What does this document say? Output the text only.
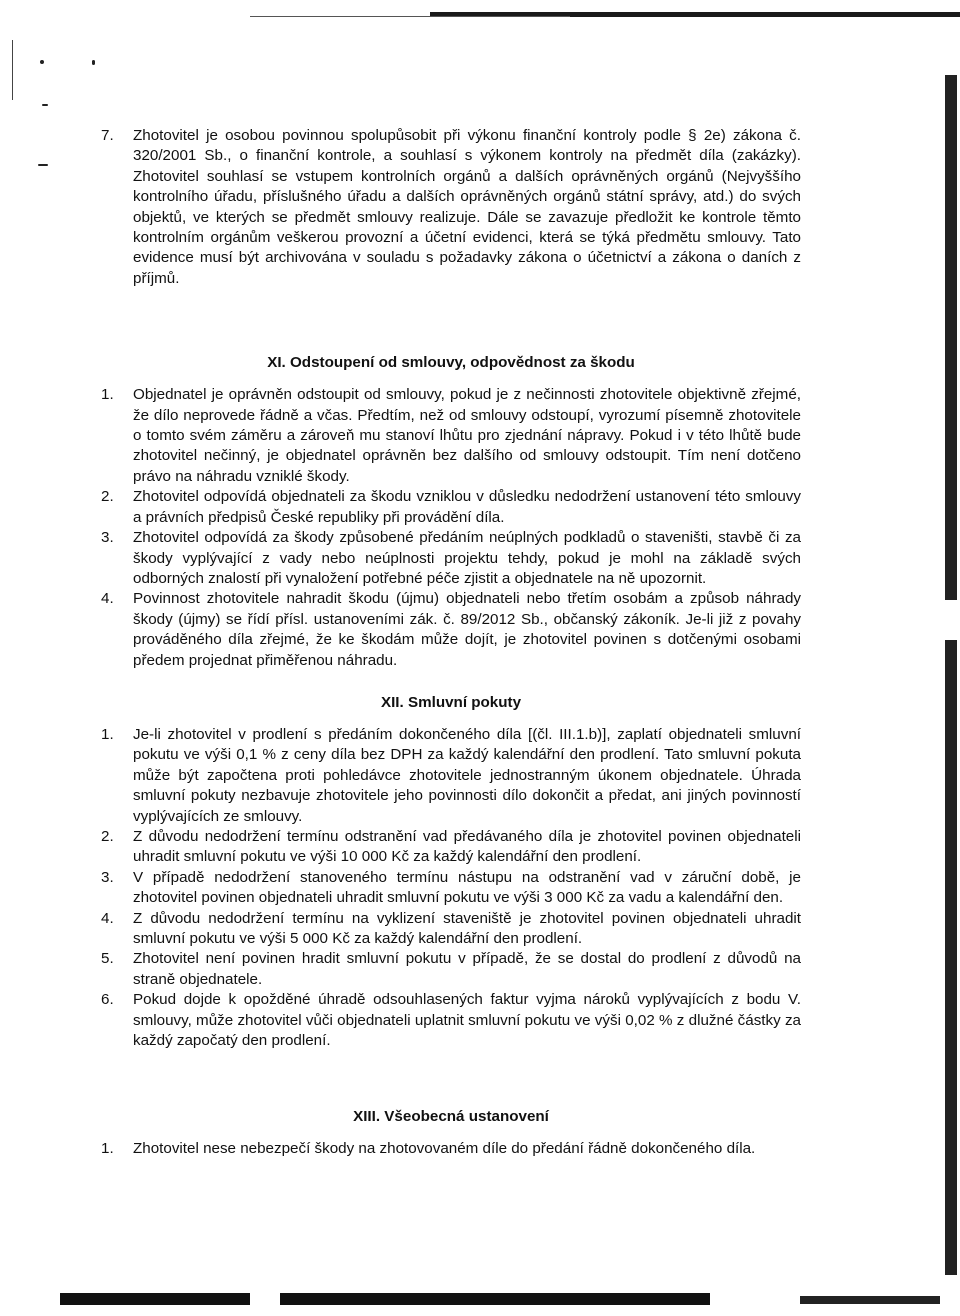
7.	Zhotovitel je osobou povinnou spolupůsobit při výkonu finanční kontroly podle § 2e) zákona č. 320/2001 Sb., o finanční kontrole, a souhlasí s výkonem kontroly na předmět díla (zakázky). Zhotovitel souhlasí se vstupem kontrolních orgánů a dalších oprávněných orgánů (Nejvyššího kontrolního úřadu, příslušného úřadu a dalších oprávněných orgánů státní správy, atd.) do svých objektů, ve kterých se předmět smlouvy realizuje. Dále se zavazuje předložit ke kontrole těmto kontrolním orgánům veškerou provozní a účetní evidenci, která se týká předmětu smlouvy. Tato evidence musí být archivována v souladu s požadavky zákona o účetnictví a zákona o daních z příjmů.
XI. Odstoupení od smlouvy, odpovědnost za škodu
1.	Objednatel je oprávněn odstoupit od smlouvy, pokud je z nečinnosti zhotovitele objektivně zřejmé, že dílo neprovede řádně a včas. Předtím, než od smlouvy odstoupí, vyrozumí písemně zhotovitele o tomto svém záměru a zároveň mu stanoví lhůtu pro zjednání nápravy. Pokud i v této lhůtě bude zhotovitel nečinný, je objednatel oprávněn bez dalšího od smlouvy odstoupit. Tím není dotčeno právo na náhradu vzniklé škody.
2.	Zhotovitel odpovídá objednateli za škodu vzniklou v důsledku nedodržení ustanovení této smlouvy a právních předpisů České republiky při provádění díla.
3.	Zhotovitel odpovídá za škody způsobené předáním neúplných podkladů o staveništi, stavbě či za škody vyplývající z vady nebo neúplnosti projektu tehdy, pokud je mohl na základě svých odborných znalostí při vynaložení potřebné péče zjistit a objednatele na ně upozornit.
4.	Povinnost zhotovitele nahradit škodu (újmu) objednateli nebo třetím osobám a způsob náhrady škody (újmy) se řídí přísl. ustanoveními zák. č. 89/2012 Sb., občanský zákoník. Je-li již z povahy prováděného díla zřejmé, že ke škodám může dojít, je zhotovitel povinen s dotčenými osobami předem projednat přiměřenou náhradu.
XII. Smluvní pokuty
1.	Je-li zhotovitel v prodlení s předáním dokončeného díla [(čl. III.1.b)], zaplatí objednateli smluvní pokutu ve výši 0,1 % z ceny díla bez DPH za každý kalendářní den prodlení. Tato smluvní pokuta může být započtena proti pohledávce zhotovitele jednostranným úkonem objednatele. Úhrada smluvní pokuty nezbavuje zhotovitele jeho povinnosti dílo dokončit a předat, ani jiných povinností vyplývajících ze smlouvy.
2.	Z důvodu nedodržení termínu odstranění vad předávaného díla je zhotovitel povinen objednateli uhradit smluvní pokutu ve výši 10 000 Kč za každý kalendářní den prodlení.
3.	V případě nedodržení stanoveného termínu nástupu na odstranění vad v záruční době, je zhotovitel povinen objednateli uhradit smluvní pokutu ve výši 3 000 Kč za vadu a kalendářní den.
4.	Z důvodu nedodržení termínu na vyklizení staveniště je zhotovitel povinen objednateli uhradit smluvní pokutu ve výši 5 000 Kč za každý kalendářní den prodlení.
5.	Zhotovitel není povinen hradit smluvní pokutu v případě, že se dostal do prodlení z důvodů na straně objednatele.
6.	Pokud dojde k opožděné úhradě odsouhlasených faktur vyjma nároků vyplývajících z bodu V. smlouvy, může zhotovitel vůči objednateli uplatnit smluvní pokutu ve výši 0,02 % z dlužné částky za každý započatý den prodlení.
XIII. Všeobecná ustanovení
1.	Zhotovitel nese nebezpečí škody na zhotovovaném díle do předání řádně dokončeného díla.
